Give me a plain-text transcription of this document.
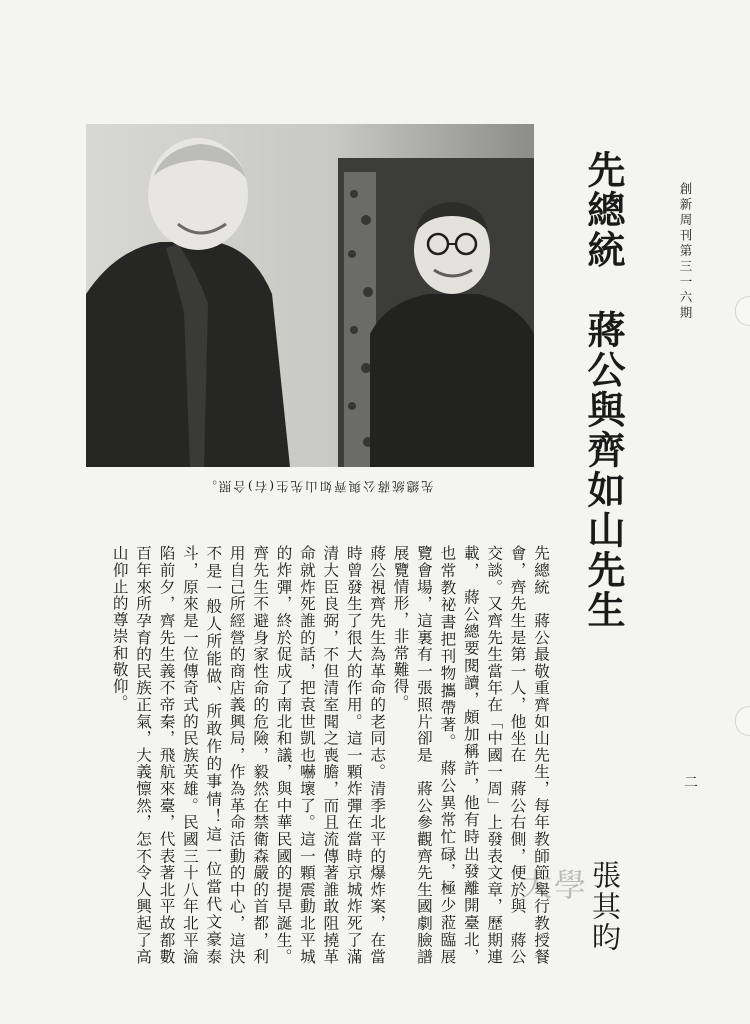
先總統蔣公與齊如山先生(右)合照。	先總統　蔣公與齊如山先生	創新周刊第三一六期
二
張其昀
大學

先總統　蔣公最敬重齊如山先生，每年教師節舉行教授餐會，齊先生是第一人，他坐在　蔣公右側，便於與　蔣公交談。又齊先生當年在「中國一周」上發表文章，歷期連載，　蔣公總要閱讀，頗加稱許，他有時出發離開臺北，也常教祕書把刊物攜帶著。　蔣公異常忙碌，極少蒞臨展覽會場，這裏有一張照片卻是　蔣公參觀齊先生國劇臉譜展覽情形，非常難得。

蔣公視齊先生為革命的老同志。清季北平的爆炸案，在當時曾發生了很大的作用。這一顆炸彈在當時京城炸死了滿清大臣良弼，不但清室聞之喪膽，而且流傳著誰敢阻撓革命就炸死誰的話，把袁世凱也嚇壞了。這一顆震動北平城的炸彈，終於促成了南北和議，與中華民國的提早誕生。齊先生不避身家性命的危險，毅然在禁衛森嚴的首都，利用自己所經營的商店義興局，作為革命活動的中心，這決不是一般人所能做、所敢作的事情！這一位當代文豪泰斗，原來是一位傳奇式的民族英雄。民國三十八年北平淪陷前夕，齊先生義不帝秦，飛航來臺，代表著北平故都數百年來所孕育的民族正氣，大義懔然，怎不令人興起了高山仰止的尊崇和敬仰。
